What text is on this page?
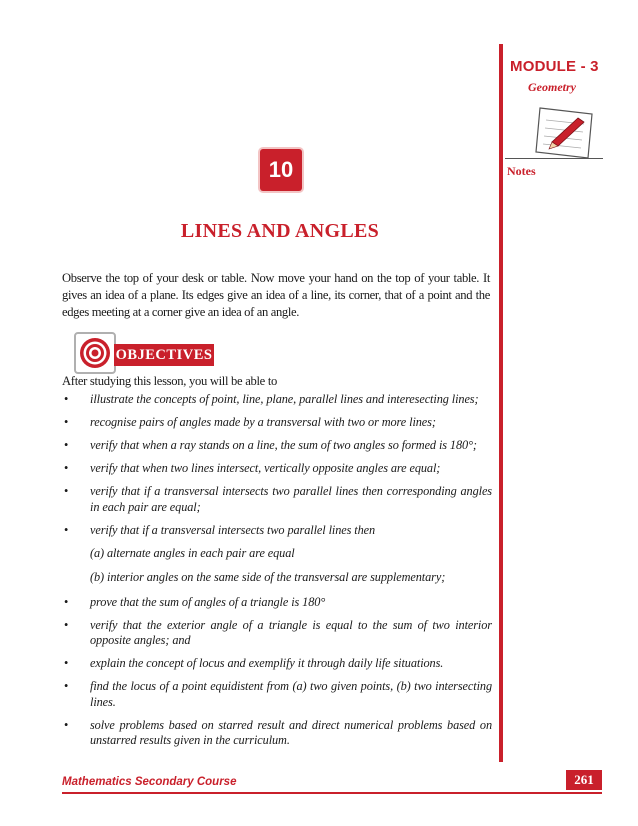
MODULE - 3
Geometry
Notes
10
LINES AND ANGLES
Observe the top of your desk or table. Now move your hand on the top of your table. It gives an idea of a plane. Its edges give an idea of a line, its corner, that of a point and the edges meeting at a corner give an idea of an angle.
OBJECTIVES
After studying this lesson, you will be able to
• illustrate the concepts of point, line, plane, parallel lines and interesecting lines;
• recognise pairs of angles made by a transversal with two or more lines;
• verify that when a ray stands on a line, the sum of two angles so formed is 180°;
• verify that when two lines intersect, vertically opposite angles are equal;
• verify that if a transversal intersects two parallel lines then corresponding angles in each pair are equal;
• verify that if a transversal intersects two parallel lines then
(a) alternate angles in each pair are equal
(b) interior angles on the same side of the transversal are supplementary;
• prove that the sum of angles of a triangle is 180°
• verify that the exterior angle of a triangle is equal to the sum of two interior opposite angles; and
• explain the concept of locus and exemplify it through daily life situations.
• find the locus of a point equidistent from (a) two given points, (b) two intersecting lines.
• solve problems based on starred result and direct numerical problems based on unstarred results given in the curriculum.
Mathematics Secondary Course	261
